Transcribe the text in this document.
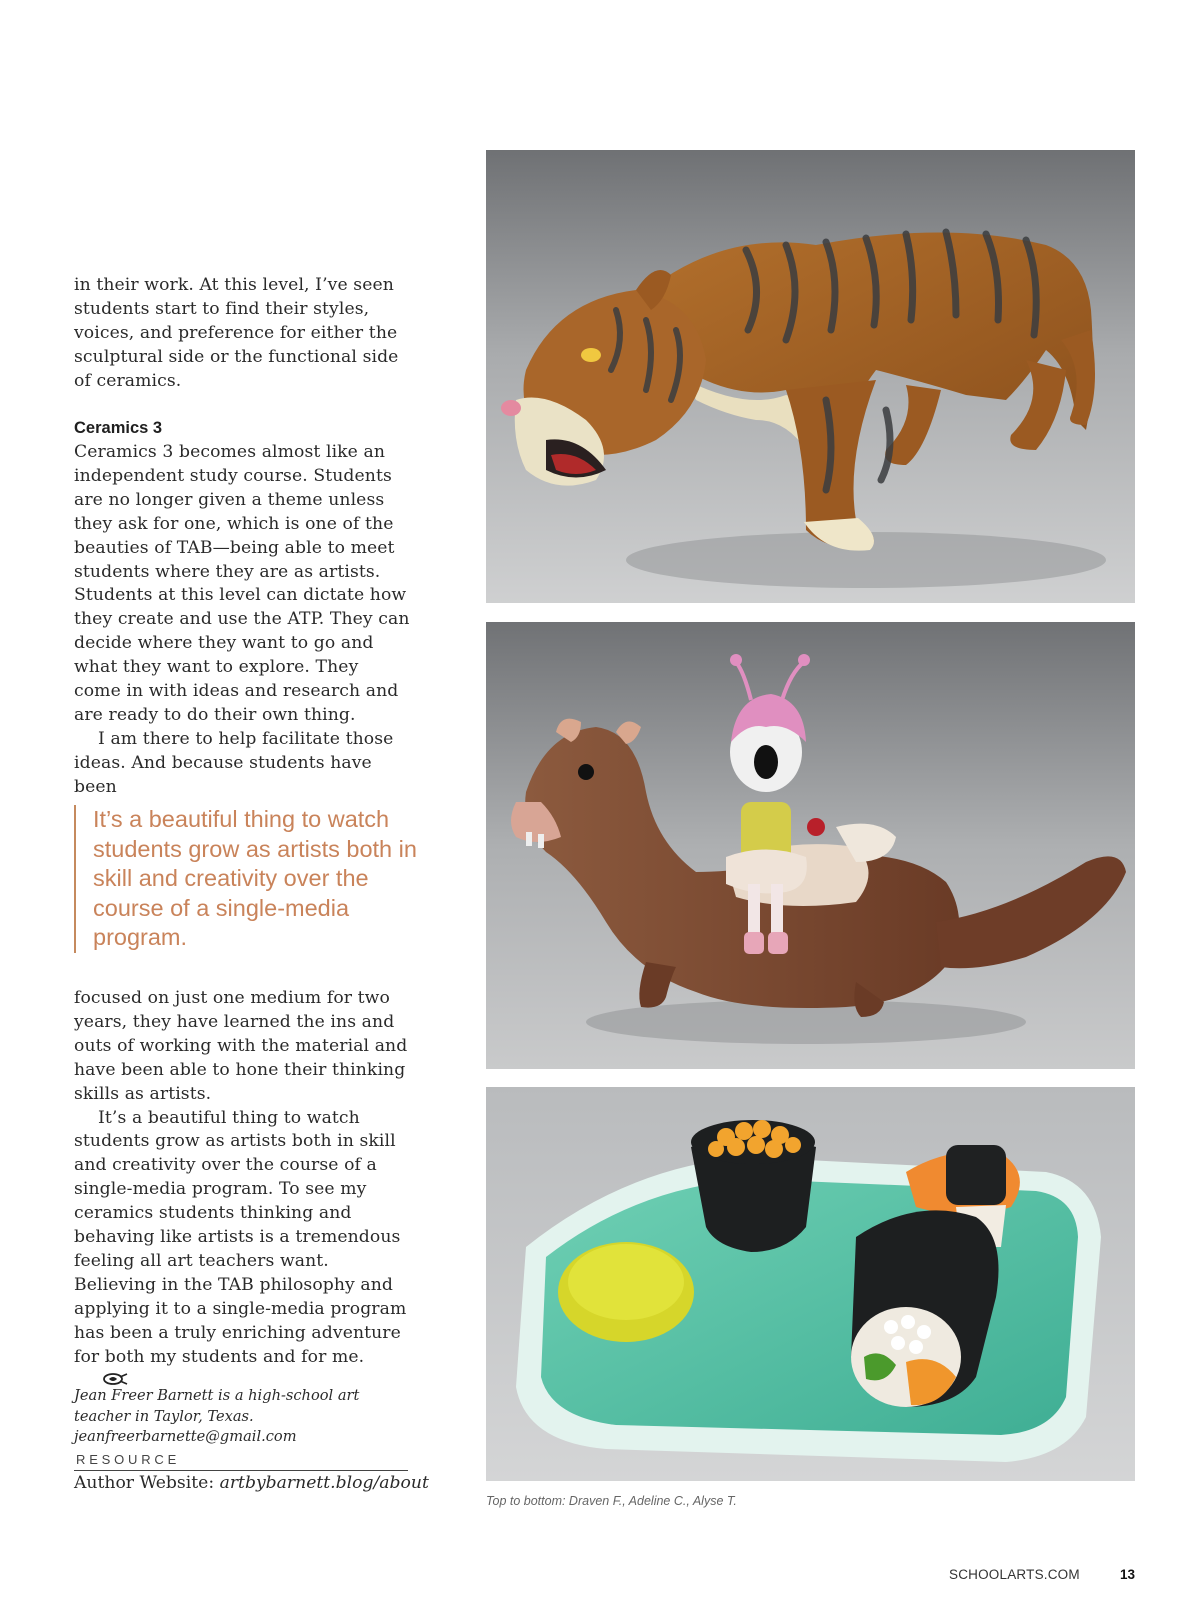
in their work. At this level, I’ve seen students start to find their styles, voices, and preference for either the sculptural side or the functional side of ceramics.

Ceramics 3

Ceramics 3 becomes almost like an independent study course. Students are no longer given a theme unless they ask for one, which is one of the beauties of TAB—being able to meet students where they are as artists. Students at this level can dictate how they create and use the ATP. They can decide where they want to go and what they want to explore. They come in with ideas and research and are ready to do their own thing.

I am there to help facilitate those ideas. And because students have been

It’s a beautiful thing to watch students grow as artists both in skill and creativity over the course of a single-media program.

focused on just one medium for two years, they have learned the ins and outs of working with the material and have been able to hone their thinking skills as artists.

It’s a beautiful thing to watch students grow as artists both in skill and creativity over the course of a single-media program. To see my ceramics students thinking and behaving like artists is a tremendous feeling all art teachers want. Believing in the TAB philosophy and applying it to a single-media program has been a truly enriching adventure for both my students and for me.

Jean Freer Barnett is a high-school art teacher in Taylor, Texas. jeanfreerbarnette@gmail.com

RESOURCE
Author Website: artbybarnett.blog/about
Top to bottom: Draven F., Adeline C., Alyse T.
SCHOOLARTS.COM	13
